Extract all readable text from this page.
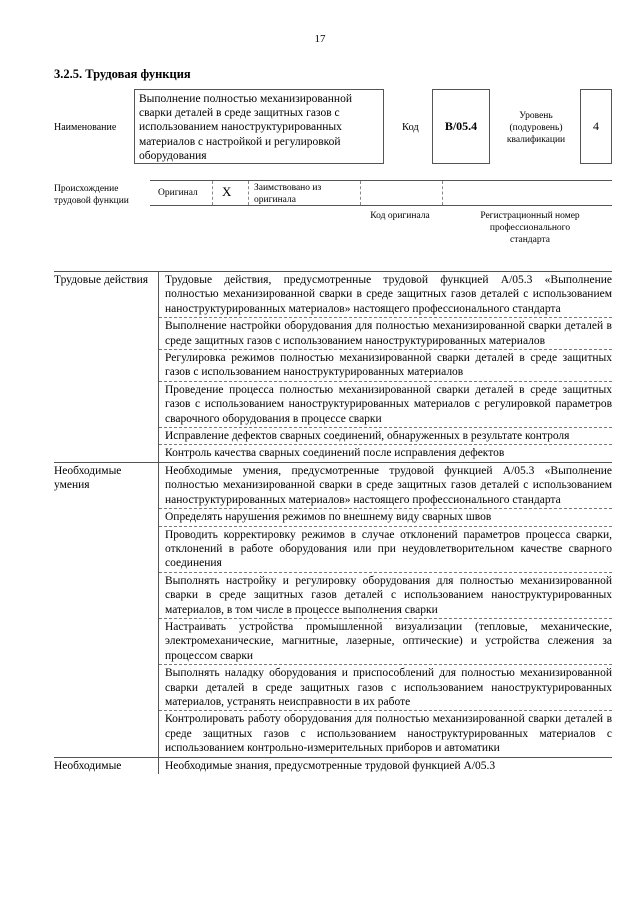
17
3.2.5. Трудовая функция
Наименование
Выполнение полностью механизированной сварки деталей в среде защитных газов с использованием наноструктурированных материалов с настройкой и регулировкой оборудования
Код	B/05.4
Уровень (подуровень) квалификации
4
Происхождение трудовой функции
Оригинал X Заимствовано из оригинала
Код оригинала	Регистрационный номер профессионального стандарта
Трудовые действия	Трудовые действия, предусмотренные трудовой функцией A/05.3 «Выполнение полностью механизированной сварки в среде защитных газов деталей с использованием наноструктурированных материалов» настоящего профессионального стандарта
Выполнение настройки оборудования для полностью механизированной сварки деталей в среде защитных газов с использованием наноструктурированных материалов
Регулировка режимов полностью механизированной сварки деталей в среде защитных газов с использованием наноструктурированных материалов
Проведение процесса полностью механизированной сварки деталей в среде защитных газов с использованием наноструктурированных материалов с регулировкой параметров сварочного оборудования в процессе сварки
Исправление дефектов сварных соединений, обнаруженных в результате контроля
Контроль качества сварных соединений после исправления дефектов
Необходимые умения
Необходимые умения, предусмотренные трудовой функцией A/05.3 «Выполнение полностью механизированной сварки в среде защитных газов деталей с использованием наноструктурированных материалов» настоящего профессионального стандарта
Определять нарушения режимов по внешнему виду сварных швов
Проводить корректировку режимов в случае отклонений параметров процесса сварки, отклонений в работе оборудования или при неудовлетворительном качестве сварного соединения
Выполнять настройку и регулировку оборудования для полностью механизированной сварки в среде защитных газов деталей с использованием наноструктурированных материалов, в том числе в процессе выполнения сварки
Настраивать устройства промышленной визуализации (тепловые, механические, электромеханические, магнитные, лазерные, оптические) и устройства слежения за процессом сварки
Выполнять наладку оборудования и приспособлений для полностью механизированной сварки деталей в среде защитных газов с использованием наноструктурированных материалов, устранять неисправности в их работе
Контролировать работу оборудования для полностью механизированной сварки деталей в среде защитных газов с использованием наноструктурированных материалов с использованием контрольно-измерительных приборов и автоматики
Необходимые	Необходимые знания, предусмотренные трудовой функцией A/05.3
